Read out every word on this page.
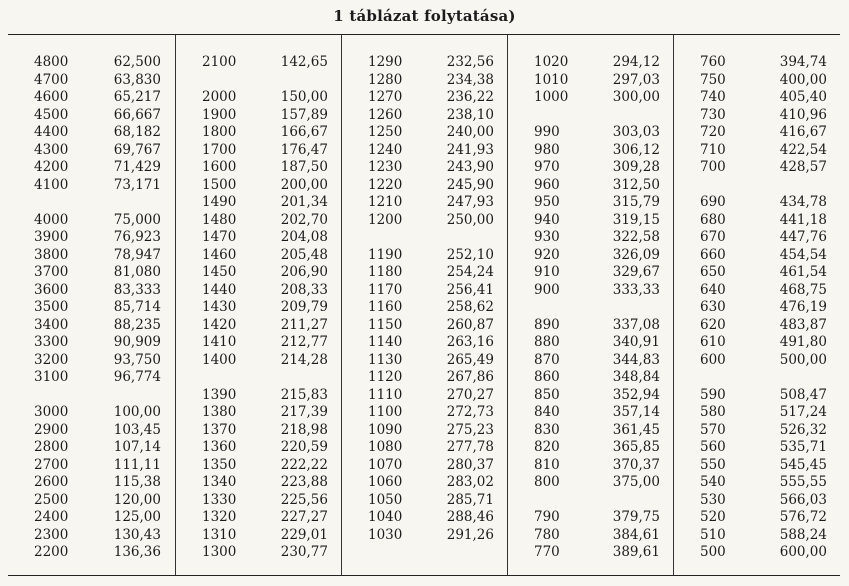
1 táblázat folytatása)
4800	62,500
4700	63,830
4600	65,217
4500	66,667
4400	68,182
4300	69,767
4200	71,429
4100	73,171
4000	75,000
3900	76,923
3800	78,947
3700	81,080
3600	83,333
3500	85,714
3400	88,235
3300	90,909
3200	93,750
3100	96,774
3000	100,00
2900	103,45
2800	107,14
2700	111,11
2600	115,38
2500	120,00
2400	125,00
2300	130,43
2200	136,36
2100	142,65
2000	150,00
1900	157,89
1800	166,67
1700	176,47
1600	187,50
1500	200,00
1490	201,34
1480	202,70
1470	204,08
1460	205,48
1450	206,90
1440	208,33
1430	209,79
1420	211,27
1410	212,77
1400	214,28
1390	215,83
1380	217,39
1370	218,98
1360	220,59
1350	222,22
1340	223,88
1330	225,56
1320	227,27
1310	229,01
1300	230,77
1290	232,56
1280	234,38
1270	236,22
1260	238,10
1250	240,00
1240	241,93
1230	243,90
1220	245,90
1210	247,93
1200	250,00
1190	252,10
1180	254,24
1170	256,41
1160	258,62
1150	260,87
1140	263,16
1130	265,49
1120	267,86
1110	270,27
1100	272,73
1090	275,23
1080	277,78
1070	280,37
1060	283,02
1050	285,71
1040	288,46
1030	291,26
1020	294,12
1010	297,03
1000	300,00
990	303,03
980	306,12
970	309,28
960	312,50
950	315,79
940	319,15
930	322,58
920	326,09
910	329,67
900	333,33
890	337,08
880	340,91
870	344,83
860	348,84
850	352,94
840	357,14
830	361,45
820	365,85
810	370,37
800	375,00
790	379,75
780	384,61
770	389,61
760	394,74
750	400,00
740	405,40
730	410,96
720	416,67
710	422,54
700	428,57
690	434,78
680	441,18
670	447,76
660	454,54
650	461,54
640	468,75
630	476,19
620	483,87
610	491,80
600	500,00
590	508,47
580	517,24
570	526,32
560	535,71
550	545,45
540	555,55
530	566,03
520	576,72
510	588,24
500	600,00
